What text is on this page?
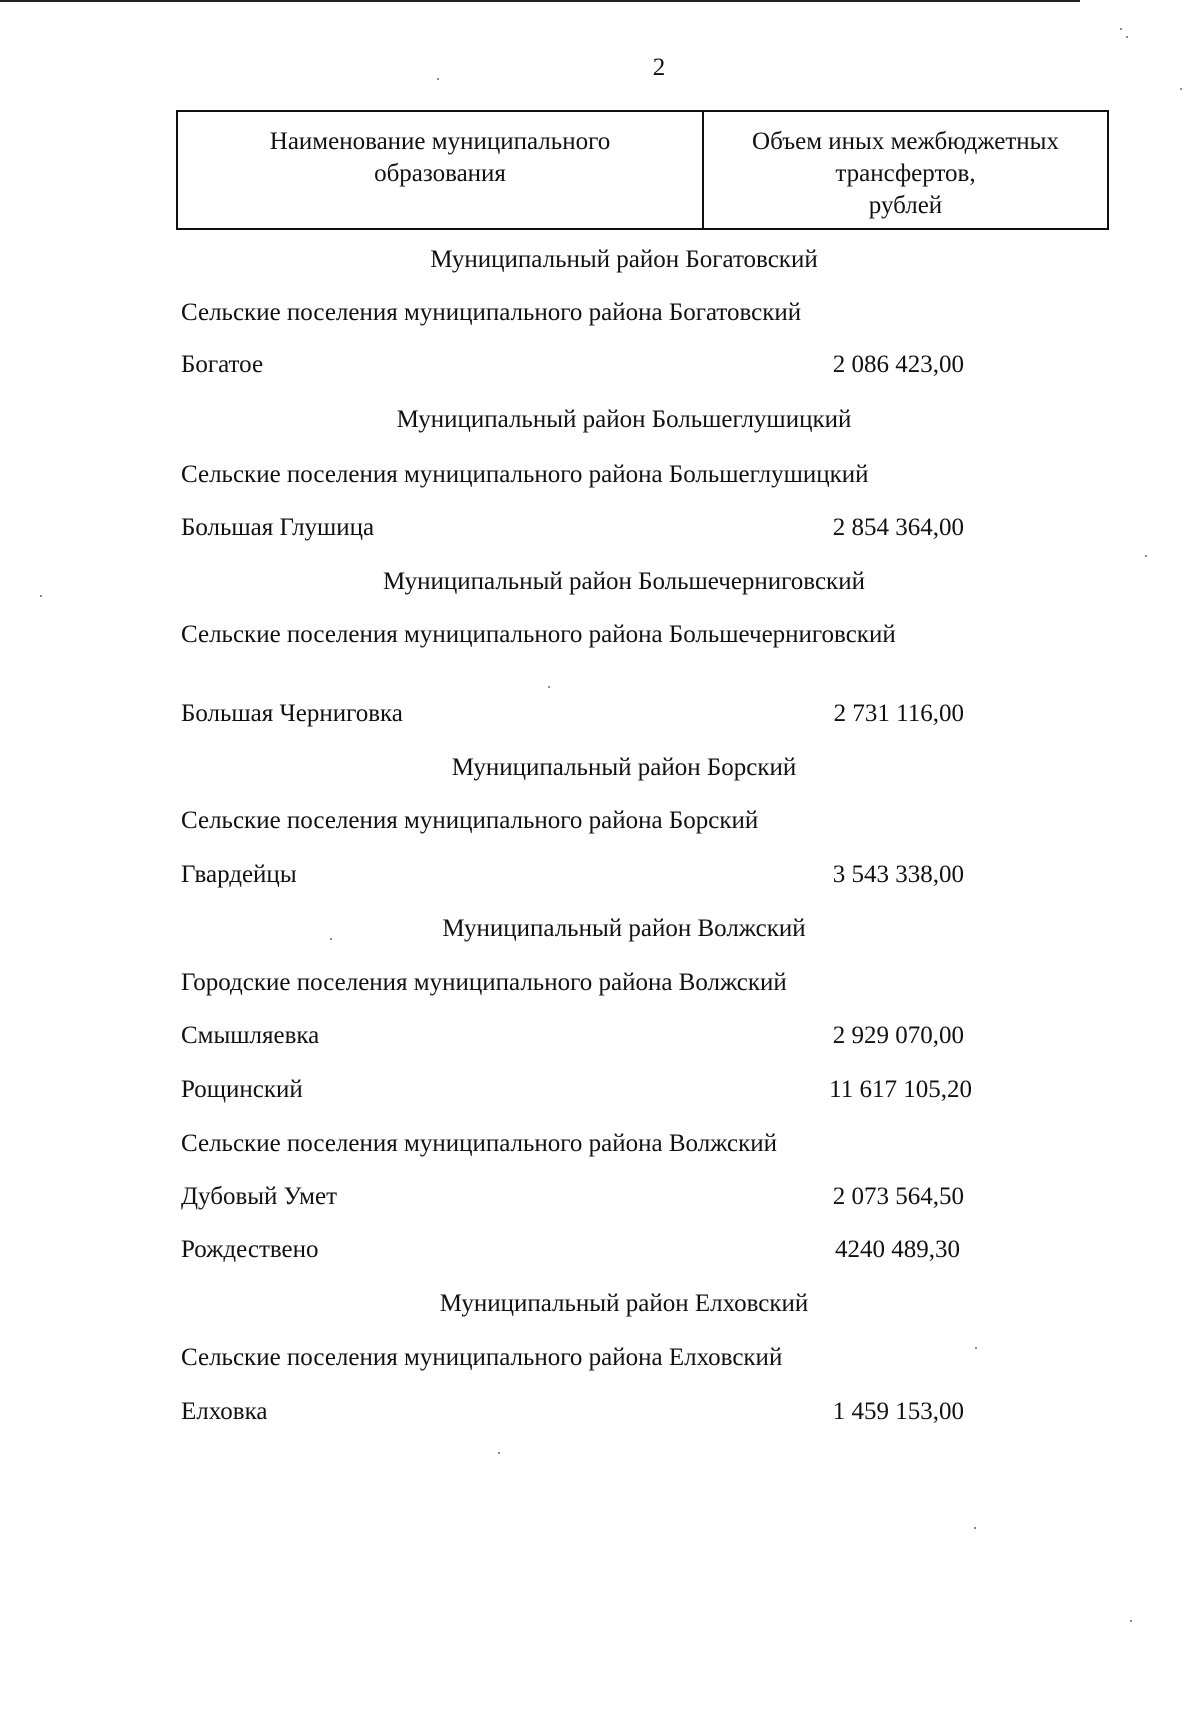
2
Наименование муниципального
образования
Объем иных межбюджетных
трансфертов,
рублей
Муниципальный район Богатовский
Сельские поселения муниципального района Богатовский
Богатое	2 086 423,00
Муниципальный район Большеглушицкий
Сельские поселения муниципального района Большеглушицкий
Большая Глушица	2 854 364,00
Муниципальный район Большечерниговский
Сельские поселения муниципального района Большечерниговский
Большая Черниговка	2 731 116,00
Муниципальный район Борский
Сельские поселения муниципального района Борский
Гвардейцы	3 543 338,00
Муниципальный район Волжский
Городские поселения муниципального района Волжский
Смышляевка	2 929 070,00
Рощинский	11 617 105,20
Сельские поселения муниципального района Волжский
Дубовый Умет	2 073 564,50
Рождествено	4240 489,30
Муниципальный район Елховский
Сельские поселения муниципального района Елховский
Елховка	1 459 153,00
